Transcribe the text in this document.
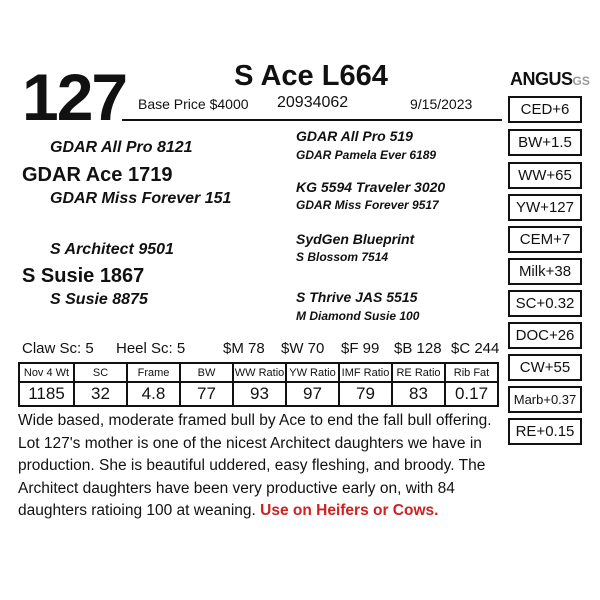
127	S Ace L664
Base Price $4000 20934062	9/15/2023
ANGUSGS
CED+6
BW+1.5
WW+65
YW+127
CEM+7
Milk+38
SC+0.32
DOC+26
CW+55
Marb+0.37
RE+0.15
GDAR All Pro 8121
GDAR Ace 1719
GDAR Miss Forever 151
S Architect 9501
S Susie 1867
S Susie 8875
GDAR All Pro 519
GDAR Pamela Ever 6189
KG 5594 Traveler 3020
GDAR Miss Forever 9517
SydGen Blueprint
S Blossom 7514
S Thrive JAS 5515
M Diamond Susie 100
Claw Sc: 5 Heel Sc: 5	$M 78 $W 70 $F 99 $B 128 $C 244
Nov 4 Wt	SC	Frame	BW	WW Ratio	YW Ratio	IMF Ratio	RE Ratio	Rib Fat
1185	32	4.8	77	93	97	79	83	0.17
Wide based, moderate framed bull by Ace to end the fall bull offering. Lot 127's mother is one of the nicest Architect daughters we have in production. She is beautiful uddered, easy fleshing, and broody. The Architect daughters have been very productive early on, with 84 daughters ratioing 100 at weaning. Use on Heifers or Cows.
